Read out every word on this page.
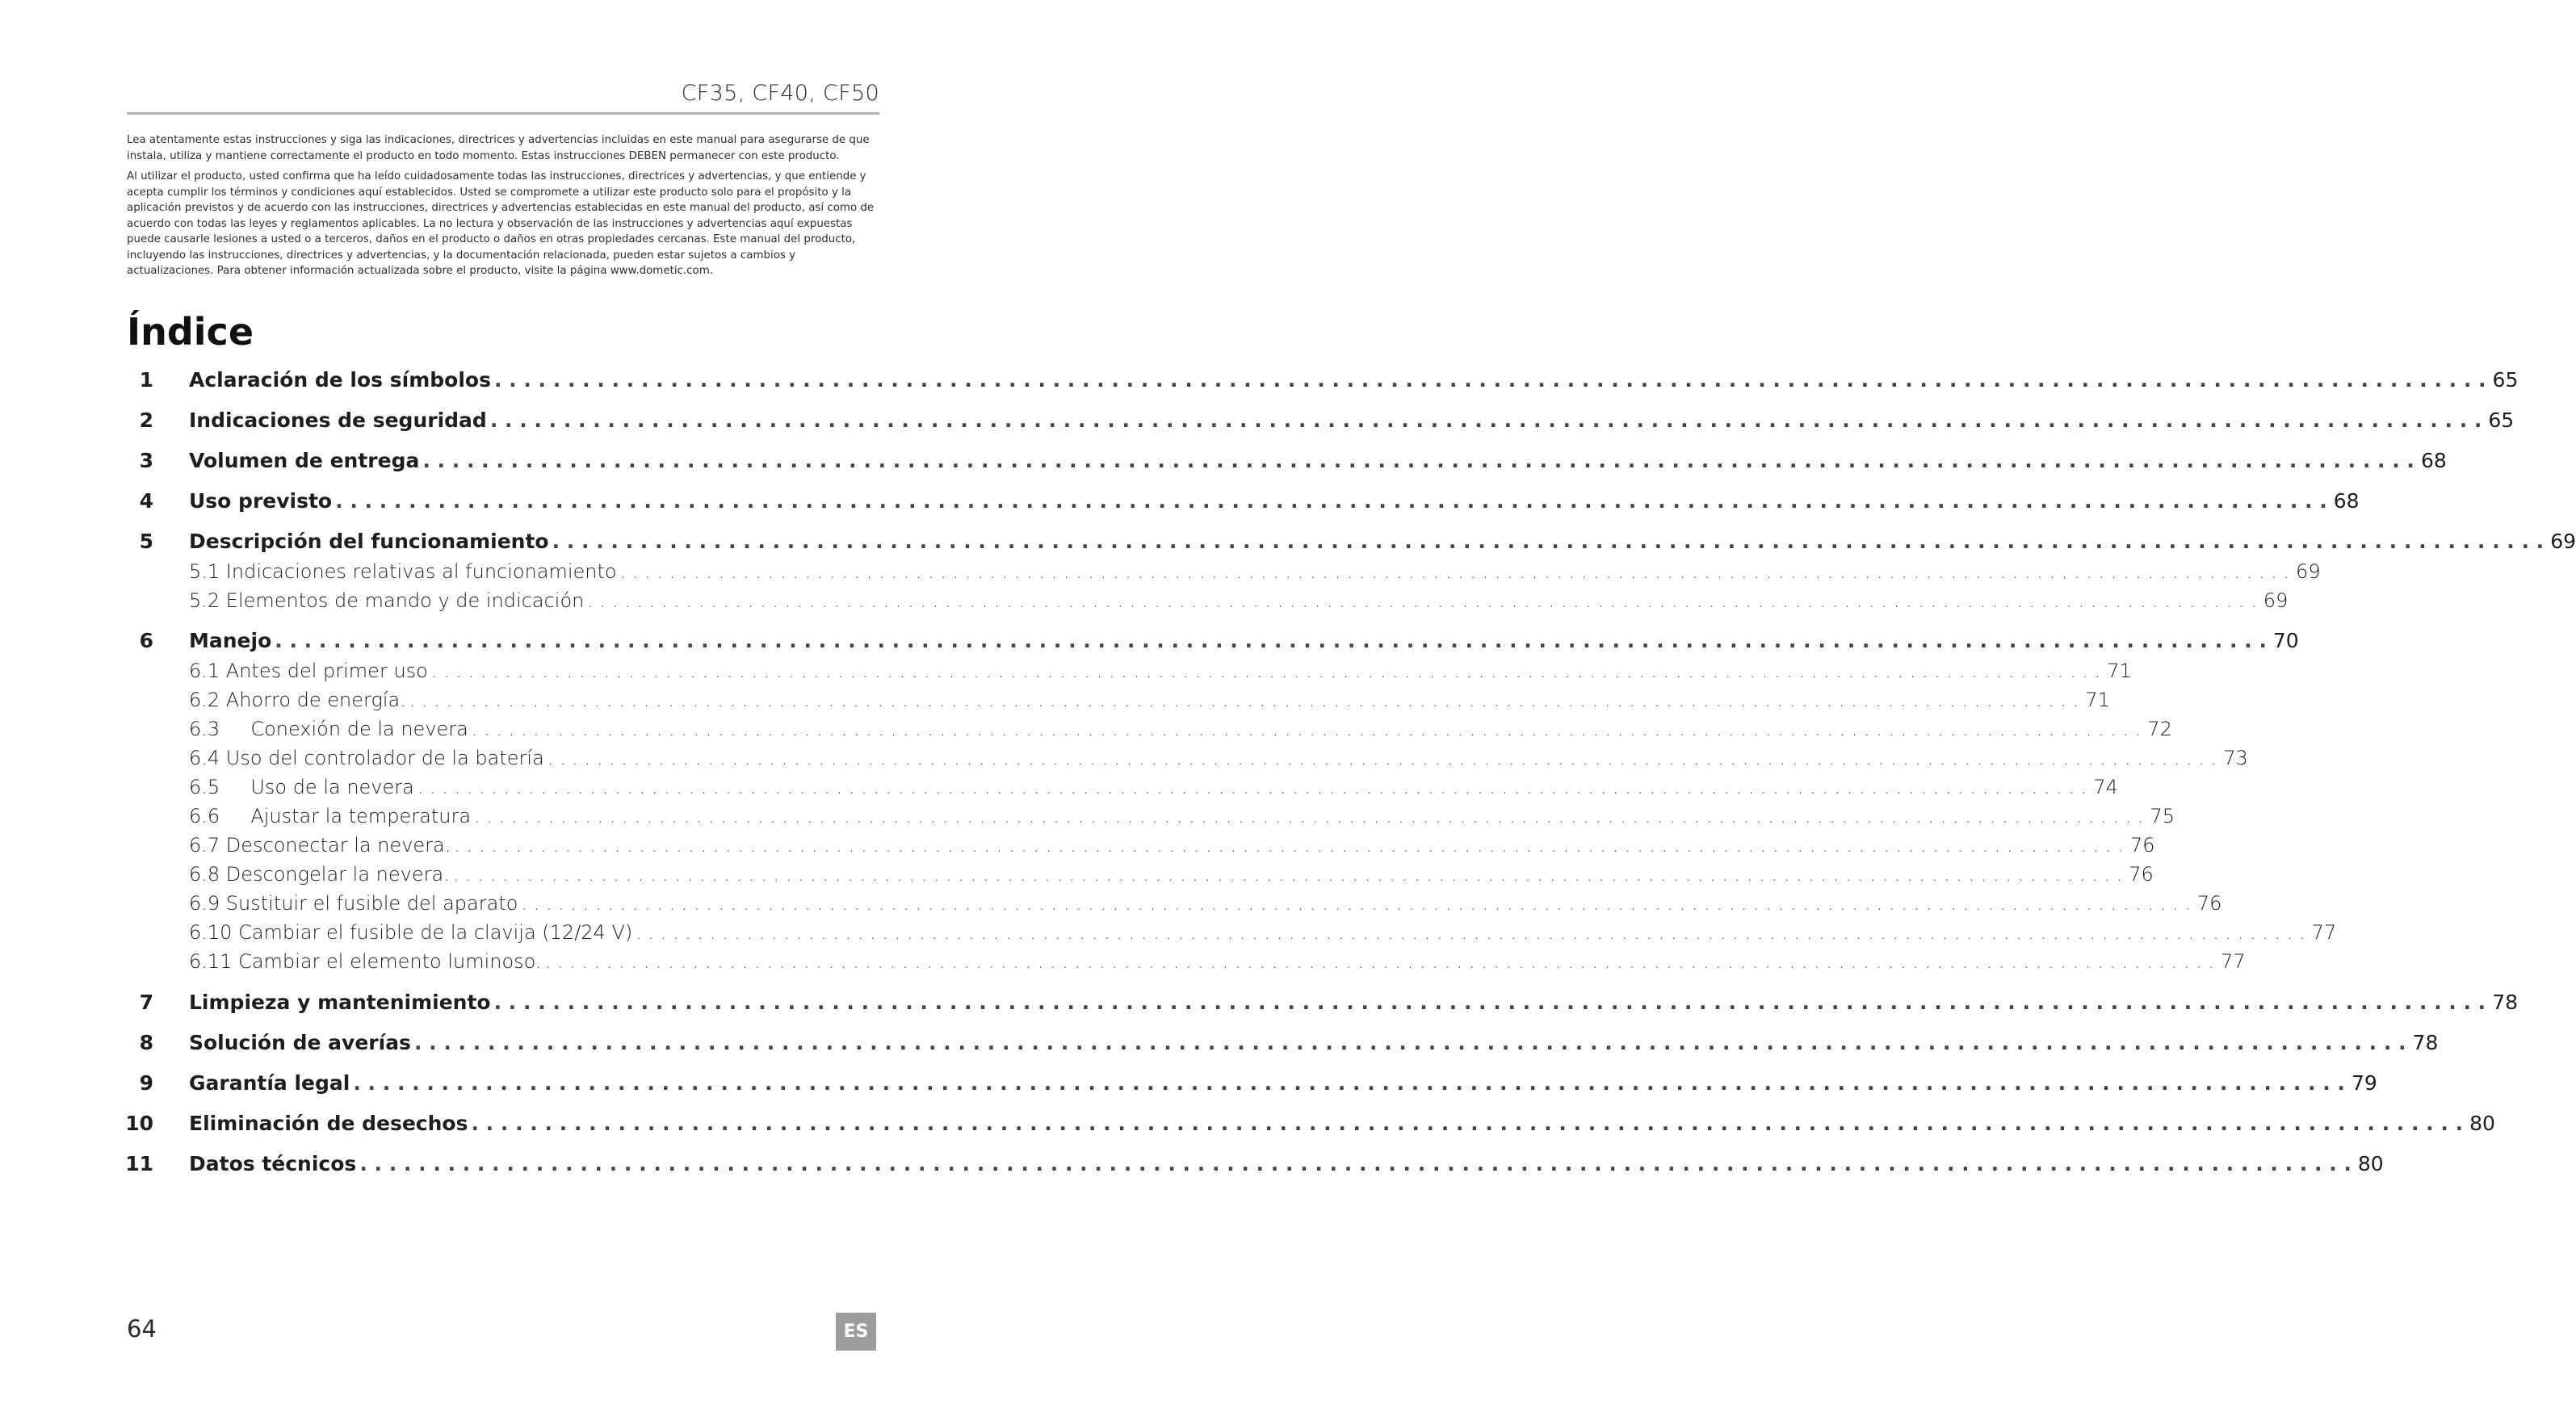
CF35, CF40, CF50

Lea atentamente estas instrucciones y siga las indicaciones, directrices y advertencias incluidas en este manual para asegurarse de que instala, utiliza y mantiene correctamente el producto en todo momento. Estas instrucciones DEBEN permanecer con este producto.

Al utilizar el producto, usted confirma que ha leído cuidadosamente todas las instrucciones, directrices y advertencias, y que entiende y acepta cumplir los términos y condiciones aquí establecidos. Usted se compromete a utilizar este producto solo para el propósito y la aplicación previstos y de acuerdo con las instrucciones, directrices y advertencias establecidas en este manual del producto, así como de acuerdo con todas las leyes y reglamentos aplicables. La no lectura y observación de las instrucciones y advertencias aquí expuestas puede causarle lesiones a usted o a terceros, daños en el producto o daños en otras propiedades cercanas. Este manual del producto, incluyendo las instrucciones, directrices y advertencias, y la documentación relacionada, pueden estar sujetos a cambios y actualizaciones. Para obtener información actualizada sobre el producto, visite la página www.dometic.com.

Índice
1 Aclaración de los símbolos . . .	65
2 Indicaciones de seguridad . . .	65
3 Volumen de entrega . . .	68
4 Uso previsto . . .	68
5 Descripción del funcionamiento . . .	69
5.1 Indicaciones relativas al funcionamiento . . .	69
5.2 Elementos de mando y de indicación . . .	69
6 Manejo . . .	70
6.1 Antes del primer uso . . .	71
6.2 Ahorro de energía. . . .	71
6.3     Conexión de la nevera . . .	72
6.4 Uso del controlador de la batería . . .	73
6.5     Uso de la nevera . . .	74
6.6     Ajustar la temperatura . . .	75
6.7 Desconectar la nevera. . . .	76
6.8 Descongelar la nevera. . . .	76
6.9 Sustituir el fusible del aparato . . .	76
6.10 Cambiar el fusible de la clavija (12/24 V) . . .	77
6.11 Cambiar el elemento luminoso. . . .	77
7 Limpieza y mantenimiento . . .	78
8 Solución de averías . . .	78
9 Garantía legal . . .	79
10 Eliminación de desechos . . .	80
11 Datos técnicos . . .	80
64	ES
